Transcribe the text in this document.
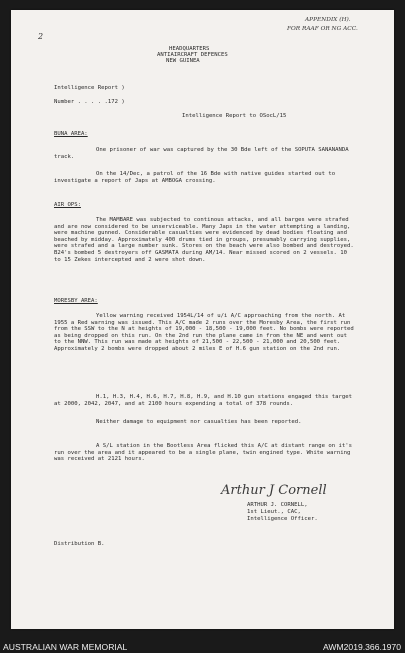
2
APPENDIX (H).
FOR RAAF OR NG ACC.
HEADQUARTERS
ANTIAIRCRAFT DEFENCES
NEW GUINEA
Intelligence Report )
Number . . . . .172 )
Intelligence Report to OSocL/15
BUNA AREA:
One prisoner of war was captured by the 30 Bde left of the SOPUTA SANANANDA track.
On the 14/Dec, a patrol of the 16 Bde with native guides started out to investigate a report of Japs at AMBOGA crossing.
AIR OPS:
The MAMBARE was subjected to continous attacks, and all barges were strafed and are now considered to be unserviceable. Many Japs in the water attempting a landing, were machine gunned. Considerable casualties were evidenced by dead bodies floating and beached by midday. Approximately 400 drums tied in groups, presumably carrying supplies, were strafed and a large number sunk. Stores on the beach were also bombed and destroyed. B24's bombed 5 destroyers off GASMATA during AM/14. Near missed scored on 2 vessels. 10 to 15 Zekes intercepted and 2 were shot down.
MORESBY AREA:
Yellow warning received 1954L/14 of u/i A/C approaching from the north. At 1955 a Red warning was issued. This A/C made 2 runs over the Moresby Area, the first run from the SSW to the N at heights of 19,000 - 18,500 - 19,000 feet. No bombs were reported as being dropped on this run. On the 2nd run the plane came in from the NE and went out to the NNW. This run was made at heights of 21,500 - 22,500 - 21,000 and 20,500 feet. Approximately 2 bombs were dropped about 2 miles E of H.6 gun station on the 2nd run.
H.1, H.3, H.4, H.6, H.7, H.8, H.9, and H.10 gun stations engaged this target at 2000, 2042, 2047, and at 2100 hours expending a total of 378 rounds.
Neither damage to equipment nor casualties has been reported.
A S/L station in the Bootless Area flicked this A/C at distant range on it's run over the area and it appeared to be a single plane, twin engined type. White warning was received at 2121 hours.
Arthur J Cornell
ARTHUR J. CORNELL,
1st Lieut., CAC,
Intelligence Officer.
Distribution B.
AUSTRALIAN WAR MEMORIAL	AWM2019.366.1970
